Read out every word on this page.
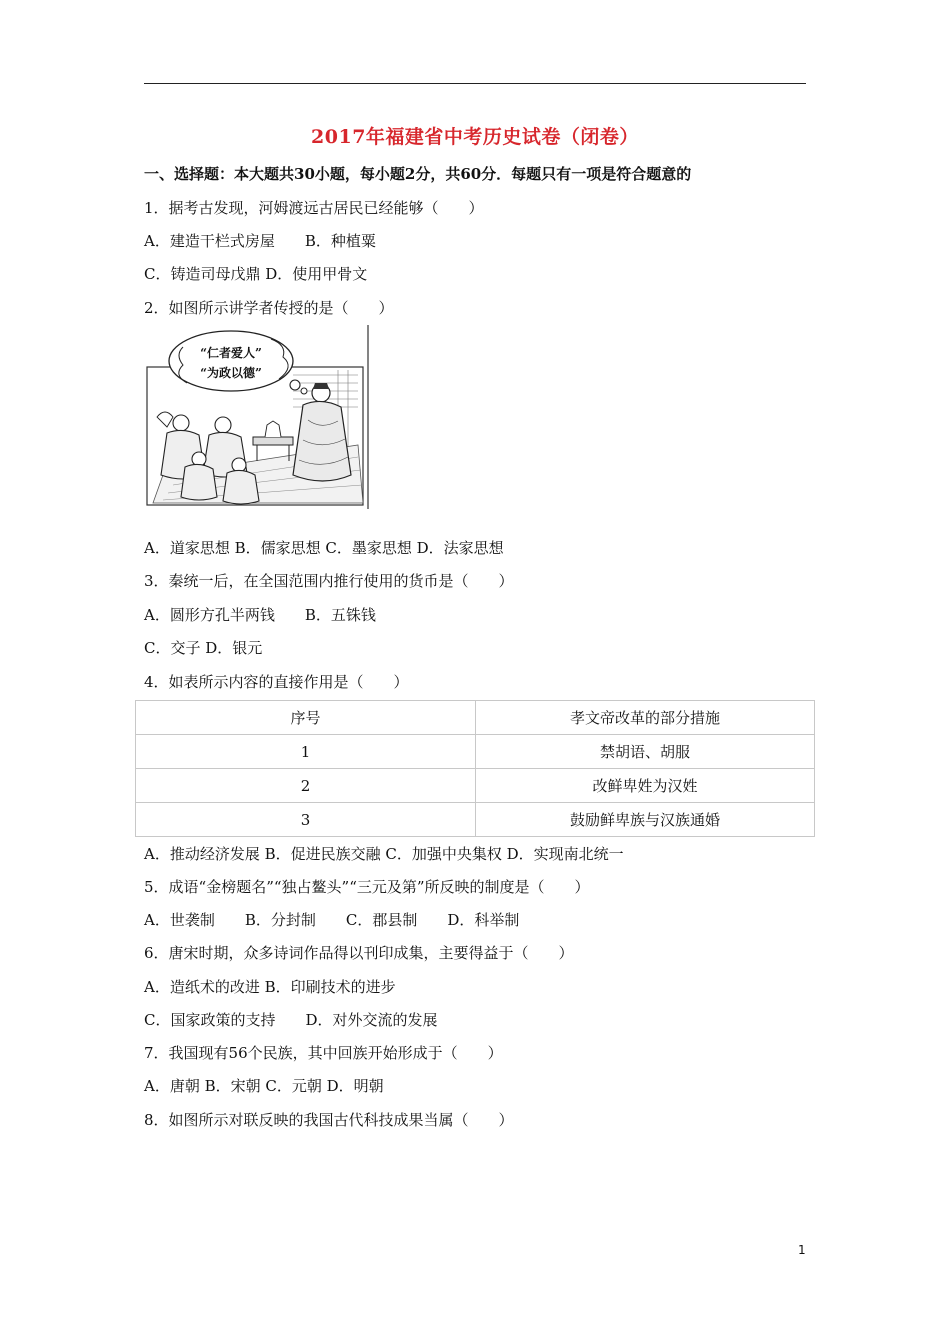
2017年福建省中考历史试卷（闭卷）
一、选择题：本大题共30小题，每小题2分，共60分．每题只有一项是符合题意的
1．据考古发现，河姆渡远古居民已经能够（　　）
A．建造干栏式房屋　　B．种植粟
C．铸造司母戊鼎 D．使用甲骨文
2．如图所示讲学者传授的是（　　）
“仁者爱人”
“为政以德”
A．道家思想 B．儒家思想 C．墨家思想 D．法家思想
3．秦统一后，在全国范围内推行使用的货币是（　　）
A．圆形方孔半两钱　　B．五铢钱
C．交子 D．银元
4．如表所示内容的直接作用是（　　）
序号	孝文帝改革的部分措施
1	禁胡语、胡服
2	改鲜卑姓为汉姓
3	鼓励鲜卑族与汉族通婚
A．推动经济发展 B．促进民族交融 C．加强中央集权 D．实现南北统一
5．成语“金榜题名”“独占鳌头”“三元及第”所反映的制度是（　　）
A．世袭制　　B．分封制　　C．郡县制　　D．科举制
6．唐宋时期，众多诗词作品得以刊印成集，主要得益于（　　）
A．造纸术的改进 B．印刷技术的进步
C．国家政策的支持　　D．对外交流的发展
7．我国现有56个民族，其中回族开始形成于（　　）
A．唐朝 B．宋朝 C．元朝 D．明朝
8．如图所示对联反映的我国古代科技成果当属（　　）
1
